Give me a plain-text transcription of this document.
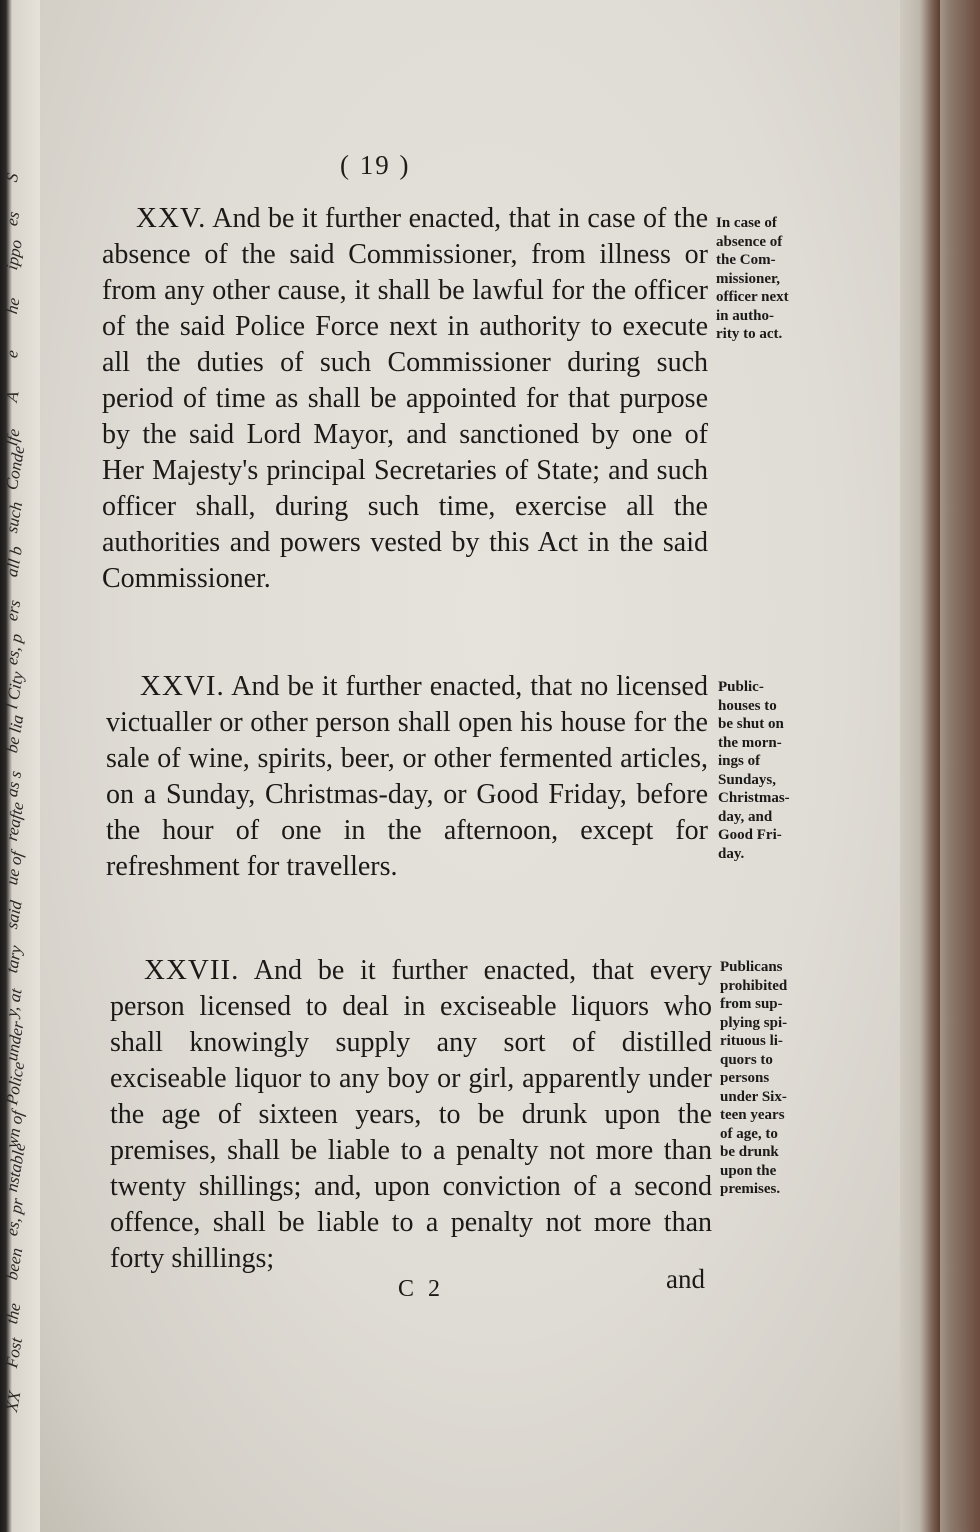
S
es
ippo
he
e
A
lfe
Conde
such
all b
ers
es, p
l City
be lia
as s
reafte
ue of
said
tary
y, at
under
Police
wn of
nstable
es, pr
been
the
Fost
XX
( 19 )

XXV. And be it further enacted, that in case of the absence of the said Commissioner, from illness or from any other cause, it shall be lawful for the officer of the said Police Force next in authority to execute all the duties of such Commissioner during such period of time as shall be appointed for that purpose by the said Lord Mayor, and sanctioned by one of Her Majesty's principal Secretaries of State; and such officer shall, during such time, exercise all the authorities and powers vested by this Act in the said Commissioner.

In case of
absence of
the Com-
missioner,
officer next
in autho-
rity to act.

XXVI. And be it further enacted, that no licensed victualler or other person shall open his house for the sale of wine, spirits, beer, or other fermented articles, on a Sunday, Christmas-day, or Good Friday, before the hour of one in the afternoon, except for refreshment for travellers.

Public-
houses to
be shut on
the morn-
ings of
Sundays,
Christmas-
day, and
Good Fri-
day.

XXVII. And be it further enacted, that every person licensed to deal in exciseable liquors who shall knowingly supply any sort of distilled exciseable liquor to any boy or girl, apparently under the age of sixteen years, to be drunk upon the premises, shall be liable to a penalty not more than twenty shillings; and, upon conviction of a second offence, shall be liable to a penalty not more than forty shillings;

Publicans
prohibited
from sup-
plying spi-
rituous li-
quors to
persons
under Six-
teen years
of age, to
be drunk
upon the
premises.
C 2	and
